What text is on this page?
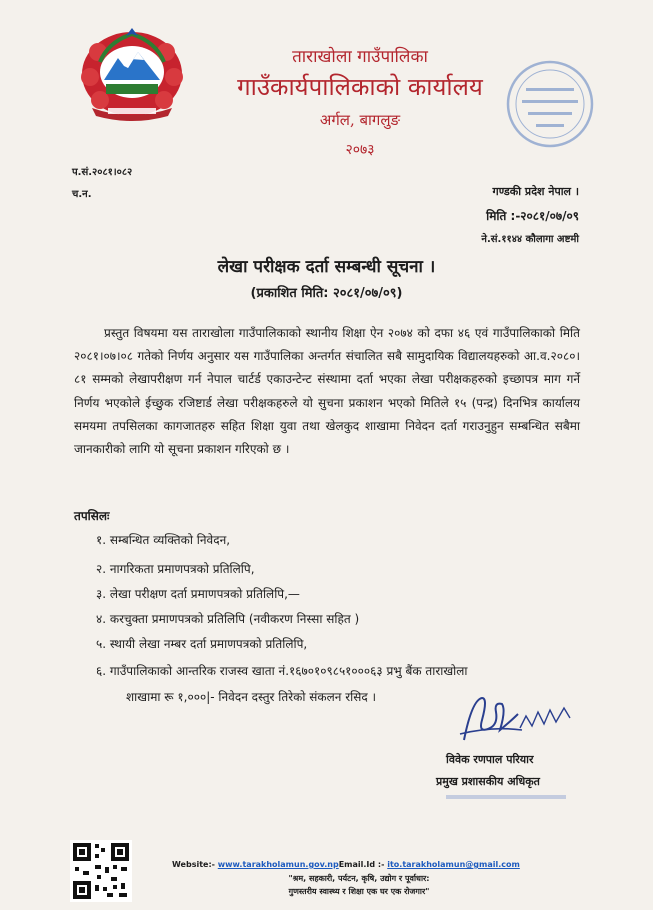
ताराखोला गाउँपालिका
गाउँकार्यपालिकाको कार्यालय
अर्गल, बागलुङ
२०७३
प.सं.२०८१।०८२
च.न.	गण्डकी प्रदेश नेपाल ।
मिति :-२०८१/०७/०९
ने.सं.११४४ कौलागा अष्टमी
लेखा परीक्षक दर्ता सम्बन्धी सूचना ।
(प्रकाशित मिति: २०८१/०७/०९)
प्रस्तुत विषयमा यस ताराखोला गाउँपालिकाको स्थानीय शिक्षा ऐन २०७४ को दफा ४६ एवं गाउँपालिकाको मिति २०८१।०७।०८ गतेको निर्णय अनुसार यस गाउँपालिका अन्तर्गत संचालित सबै सामुदायिक विद्यालयहरुको आ.व.२०८०।८१ सम्मको लेखापरीक्षण गर्न नेपाल चार्टर्ड एकाउन्टेन्ट संस्थामा दर्ता भएका लेखा परीक्षकहरुको इच्छापत्र माग गर्ने निर्णय भएकोले ईच्छुक रजिष्टार्ड लेखा परीक्षकहरुले यो सुचना प्रकाशन भएको मितिले १५ (पन्द्र) दिनभित्र कार्यालय समयमा तपसिलका कागजातहरु सहित शिक्षा युवा तथा खेलकुद शाखामा निवेदन दर्ता गराउनुहुन सम्बन्धित सबैमा जानकारीको लागि यो सूचना प्रकाशन गरिएको छ ।
तपसिलः
१. सम्बन्धित व्यक्तिको निवेदन,
२. नागरिकता प्रमाणपत्रको प्रतिलिपि,
३. लेखा परीक्षण दर्ता प्रमाणपत्रको प्रतिलिपि,—
४. करचुक्ता प्रमाणपत्रको प्रतिलिपि (नवीकरण निस्सा सहित )
५. स्थायी लेखा नम्बर दर्ता प्रमाणपत्रको प्रतिलिपि,
६. गाउँपालिकाको आन्तरिक राजस्व खाता नं.१६७०१०९८५१०००६३ प्रभु बैंक ताराखोला
शाखामा रू १,०००|- निवेदन दस्तुर तिरेको संकलन रसिद ।
विवेक रणपाल परियार
प्रमुख प्रशासकीय अधिकृत
Website:- www.tarakholamun.gov.npEmail.Id :- ito.tarakholamun@gmail.com
"श्रम, सहकारी, पर्यटन, कृषि, उद्योग र पूर्वाधार:
गुणस्तरीय स्वास्थ्य र शिक्षा एक घर एक रोजगार"
